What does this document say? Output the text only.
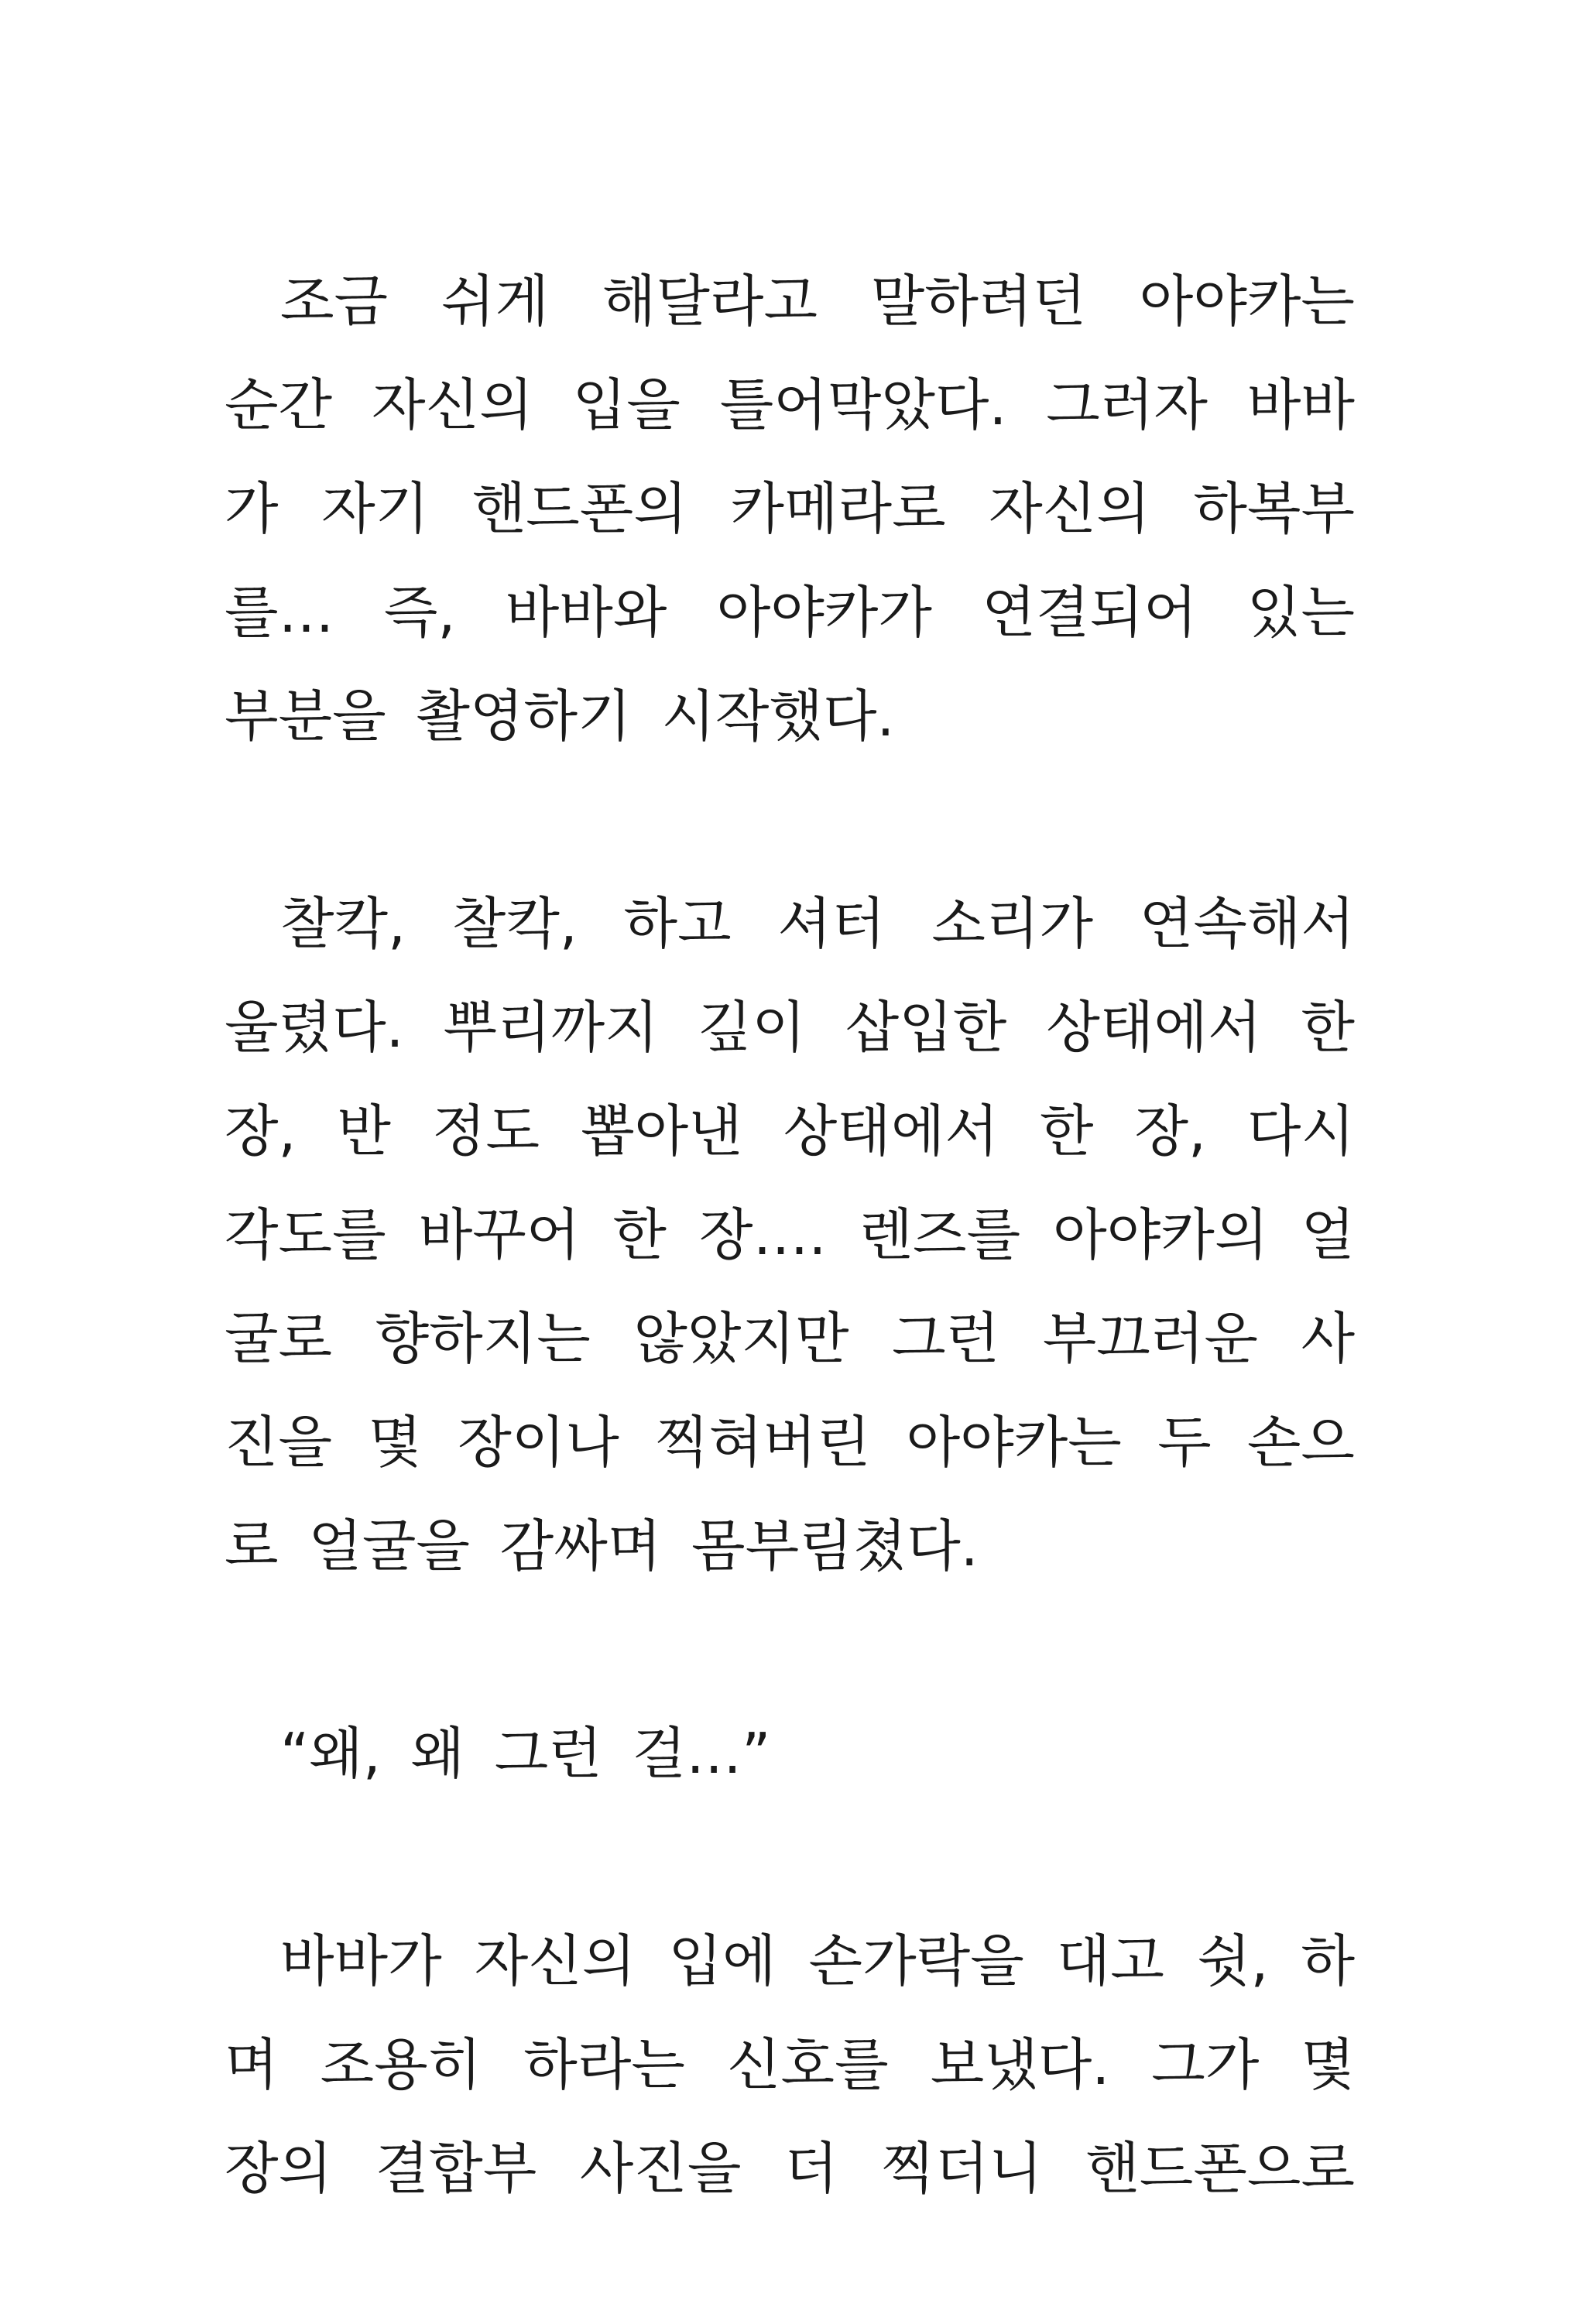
조금 쉬게 해달라고 말하려던 아야카는
순간 자신의 입을 틀어막았다. 그러자 바바
가 자기 핸드폰의 카메라로 자신의 하복부
를… 즉, 바바와 아야카가 연결되어 있는
부분을 촬영하기 시작했다.
찰칵, 찰칵, 하고 셔터 소리가 연속해서
울렸다. 뿌리까지 깊이 삽입한 상태에서 한
장, 반 정도 뽑아낸 상태에서 한 장, 다시
각도를 바꾸어 한 장…. 렌즈를 아야카의 얼
굴로 향하지는 않았지만 그런 부끄러운 사
진을 몇 장이나 찍혀버린 아야카는 두 손으
로 얼굴을 감싸며 몸부림쳤다.
“왜, 왜 그런 걸…”
바바가 자신의 입에 손가락을 대고 쉿, 하
며 조용히 하라는 신호를 보냈다. 그가 몇
장의 결합부 사진을 더 찍더니 핸드폰으로
